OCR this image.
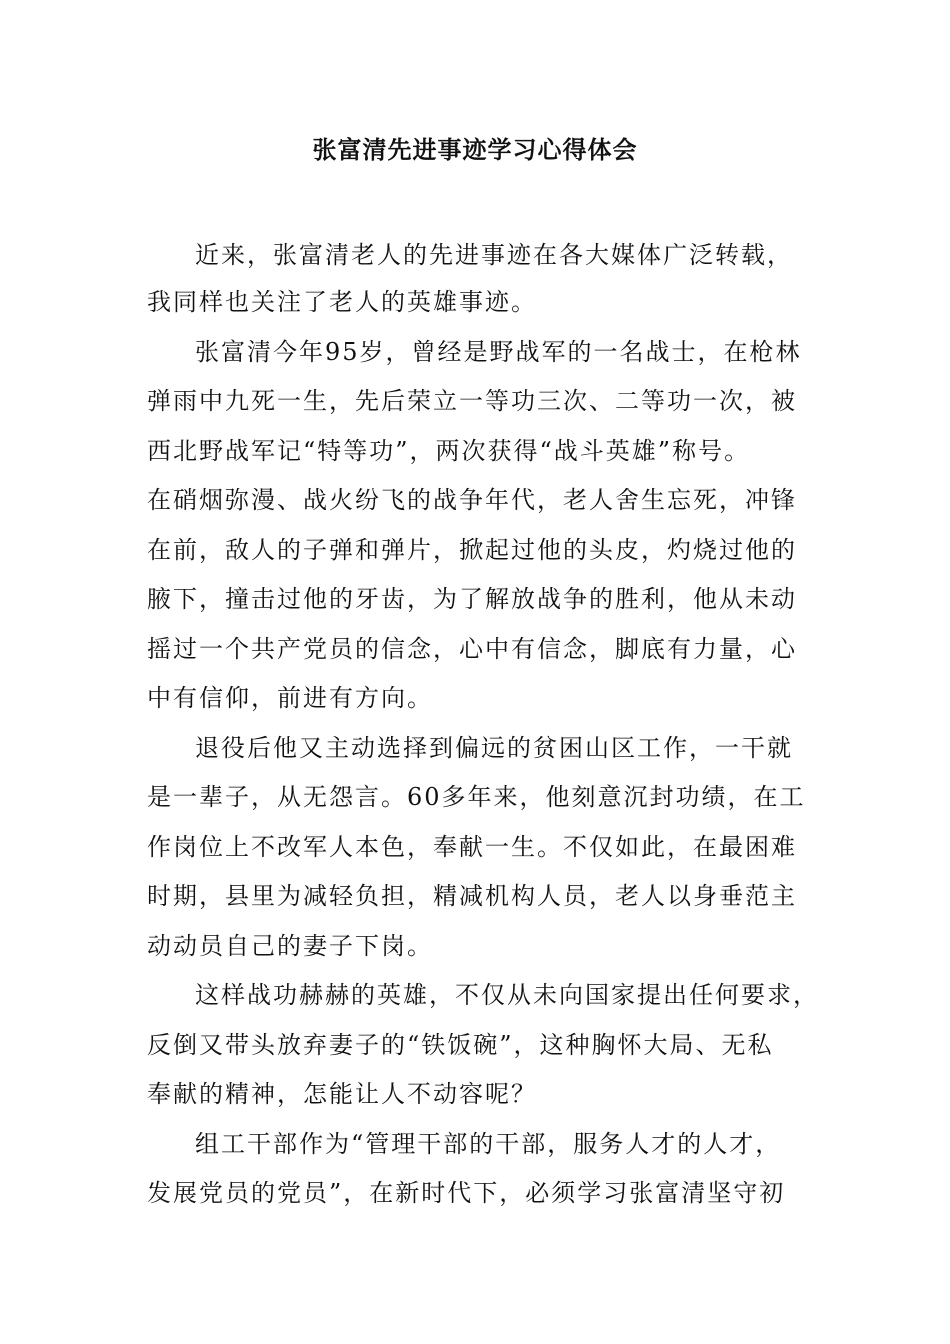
张富清先进事迹学习心得体会

近来，张富清老人的先进事迹在各大媒体广泛转载，

我同样也关注了老人的英雄事迹。

张富清今年95岁，曾经是野战军的一名战士，在枪林

弹雨中九死一生，先后荣立一等功三次、二等功一次，被

西北野战军记“特等功”，两次获得“战斗英雄”称号。

在硝烟弥漫、战火纷飞的战争年代，老人舍生忘死，冲锋

在前，敌人的子弹和弹片，掀起过他的头皮，灼烧过他的

腋下，撞击过他的牙齿，为了解放战争的胜利，他从未动

摇过一个共产党员的信念，心中有信念，脚底有力量，心

中有信仰，前进有方向。

退役后他又主动选择到偏远的贫困山区工作，一干就

是一辈子，从无怨言。60多年来，他刻意沉封功绩，在工

作岗位上不改军人本色，奉献一生。不仅如此，在最困难

时期，县里为减轻负担，精减机构人员，老人以身垂范主

动动员自己的妻子下岗。

这样战功赫赫的英雄，不仅从未向国家提出任何要求，

反倒又带头放弃妻子的“铁饭碗”，这种胸怀大局、无私

奉献的精神，怎能让人不动容呢？

组工干部作为“管理干部的干部，服务人才的人才，

发展党员的党员”，在新时代下，必须学习张富清坚守初
